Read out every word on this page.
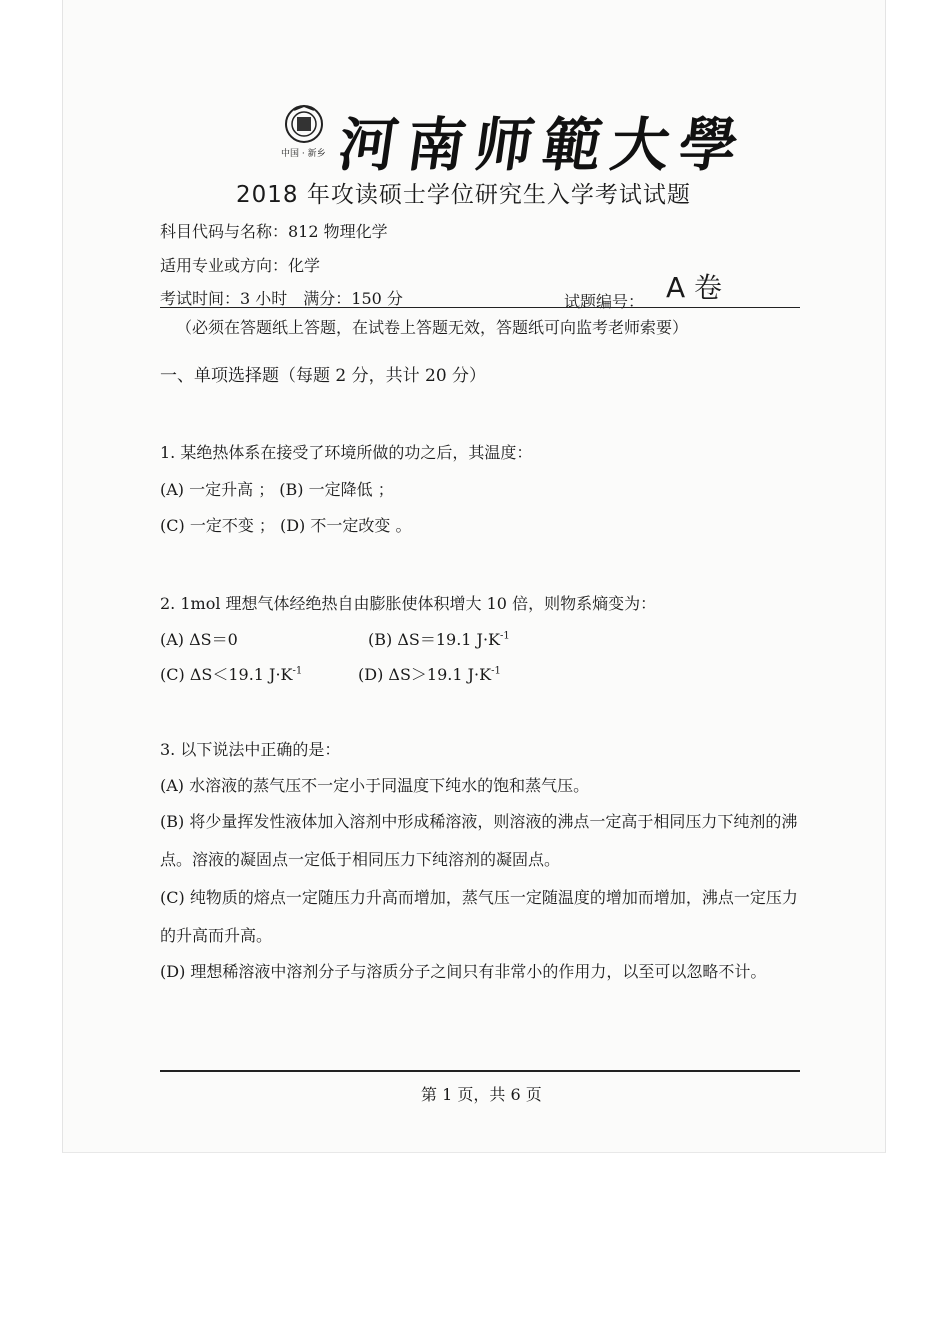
中国 · 新乡 河南师範大學
2018 年攻读硕士学位研究生入学考试试题
科目代码与名称：812 物理化学
适用专业或方向：化学
考试时间：3 小时　满分：150 分	试题编号： A 卷
（必须在答题纸上答题，在试卷上答题无效，答题纸可向监考老师索要）
一、单项选择题（每题 2 分，共计 20 分）
1. 某绝热体系在接受了环境所做的功之后，其温度：
(A) 一定升高 ； (B) 一定降低 ；
(C) 一定不变 ； (D) 不一定改变 。
2. 1mol 理想气体经绝热自由膨胀使体积增大 10 倍，则物系熵变为：
(A) ΔS＝0	(B) ΔS＝19.1 $J\cdot K^{-1}$
(C) ΔS＜19.1 $J\cdot K^{-1}$	(D) ΔS＞19.1 $J\cdot K^{-1}$
3. 以下说法中正确的是：
(A) 水溶液的蒸气压不一定小于同温度下纯水的饱和蒸气压。
(B) 将少量挥发性液体加入溶剂中形成稀溶液，则溶液的沸点一定高于相同压力下纯剂的沸点。溶液的凝固点一定低于相同压力下纯溶剂的凝固点。
(C) 纯物质的熔点一定随压力升高而增加，蒸气压一定随温度的增加而增加，沸点一定压力的升高而升高。
(D) 理想稀溶液中溶剂分子与溶质分子之间只有非常小的作用力，以至可以忽略不计。
第 1 页，共 6 页
